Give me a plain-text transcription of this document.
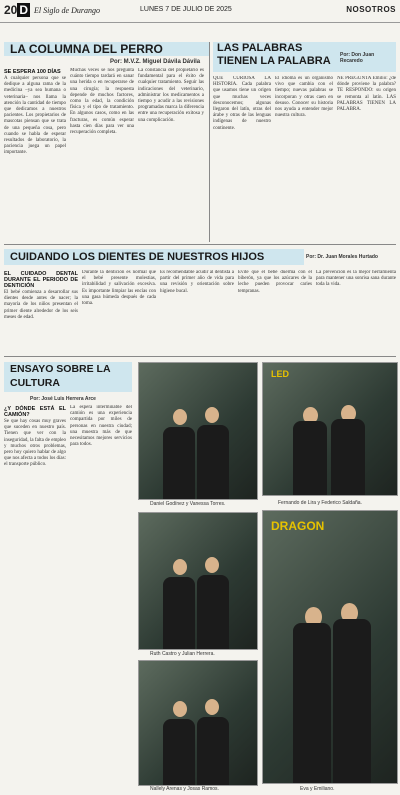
20 D El Siglo de Durango	LUNES 7 DE JULIO DE 2025	NOSOTROS
LA COLUMNA DEL PERRO
Por: M.V.Z. Miguel Dávila Dávila
SE ESPERA 100 DÍAS

A cualquier persona que se dedique a alguna rama de la medicina –ya sea humana o veterinaria– nos llama la atención la cantidad de tiempo que dedicamos a nuestros pacientes. Los propietarios de mascotas piensan que se trata de una pequeña cosa, pero cuando se habla de esperar resultados de laboratorio, la paciencia juega un papel importante.

Muchas veces se nos pregunta cuánto tiempo tardará en sanar una herida o en recuperarse de una cirugía; la respuesta depende de muchos factores, como la edad, la condición física y el tipo de tratamiento. En algunos casos, como en las fracturas, es común esperar hasta cien días para ver una recuperación completa.

La constancia del propietario es fundamental para el éxito de cualquier tratamiento. Seguir las indicaciones del veterinario, administrar los medicamentos a tiempo y acudir a las revisiones programadas marca la diferencia entre una recuperación exitosa y una complicación.

LAS PALABRAS
TIENEN LA PALABRA	Por: Don Juan Recaredo

QUE CURIOSA LA HISTORIA. Cada palabra que usamos tiene un origen que muchas veces desconocemos; algunas llegaron del latín, otras del árabe y otras de las lenguas indígenas de nuestro continente.

El idioma es un organismo vivo que cambia con el tiempo; nuevas palabras se incorporan y otras caen en desuso. Conocer su historia nos ayuda a entender mejor nuestra cultura.

NE PREGUNTA Emilio: ¿de dónde proviene la palabra? TE RESPONDO: su origen se remonta al latín. LAS PALABRAS TIENEN LA PALABRA.

CUIDANDO LOS DIENTES DE NUESTROS HIJOS	Por: Dr. Juan Morales Hurtado
EL CUIDADO DENTAL DURANTE EL PERIODO DE DENTICIÓN

El bebé comienza a desarrollar sus dientes desde antes de nacer; la mayoría de los niños presentan el primer diente alrededor de los seis meses de edad.

Durante la dentición es normal que el bebé presente molestias, irritabilidad y salivación excesiva. Es importante limpiar las encías con una gasa húmeda después de cada toma.

Es recomendable acudir al dentista a partir del primer año de vida para una revisión y orientación sobre higiene bucal.

Evite que el bebé duerma con el biberón, ya que los azúcares de la leche pueden provocar caries tempranas.

La prevención es la mejor herramienta para mantener una sonrisa sana durante toda la vida.

ENSAYO SOBRE LA
CULTURA
Por: José Luis Herrera Arce
¿Y DÓNDE ESTÁ EL CAMIÓN?

Se que hay cosas muy graves que suceden en nuestro país. Tienen que ver con la inseguridad, la falta de empleo y muchos otros problemas, pero hoy quiero hablar de algo que nos afecta a todos los días: el transporte público.

La espera interminable del camión es una experiencia compartida por miles de personas en nuestra ciudad; una muestra más de que necesitamos mejores servicios para todos.

Daniel Godínez y Vanessa Torres.
LED
Fernando de Lira y Federico Saldaña.
Ruth Castro y Julian Herrera.
Nallely Arenas y Josas Ramos.
DRAGON
Eva y Emiliano.
